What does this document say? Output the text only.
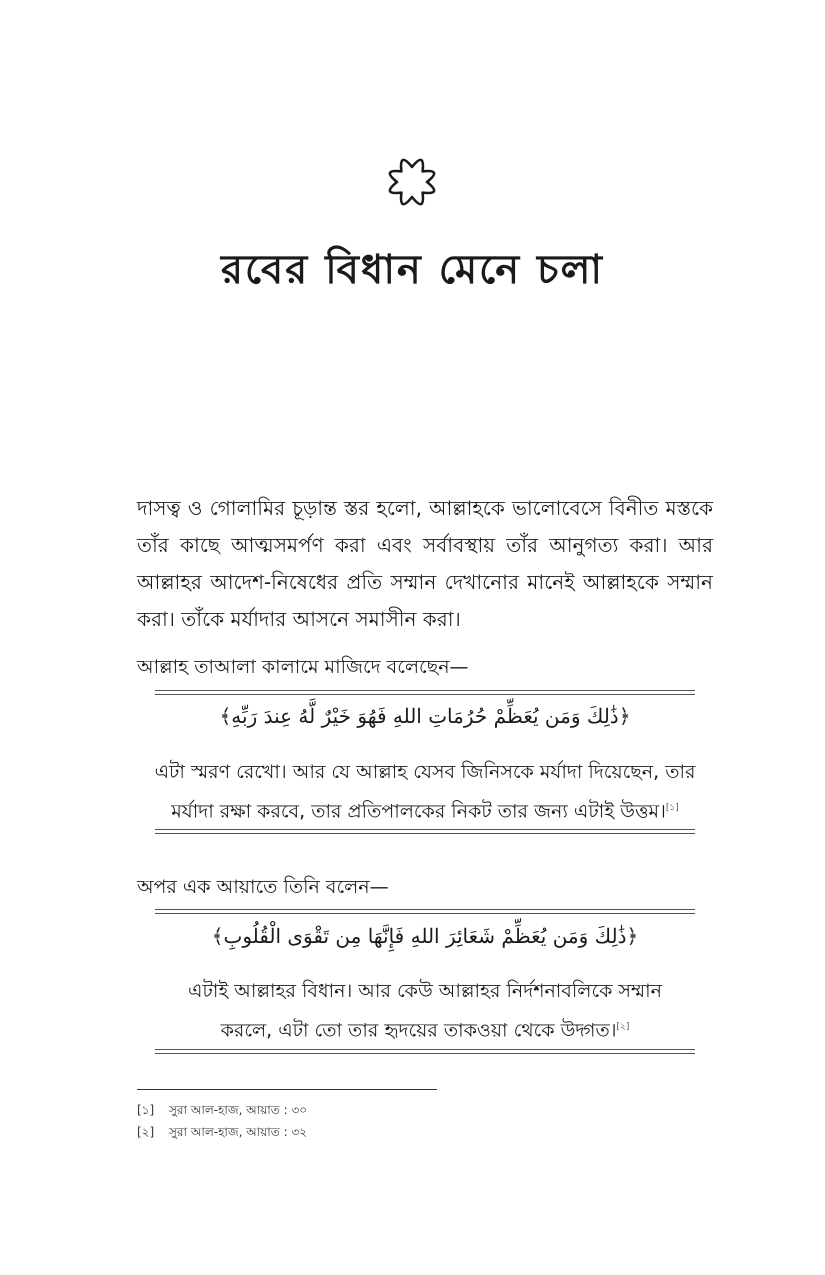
রবের বিধান মেনে চলা
দাসত্ব ও গোলামির চূড়ান্ত স্তর হলো, আল্লাহকে ভালোবেসে বিনীত মস্তকে তাঁর কাছে আত্মসমর্পণ করা এবং সর্বাবস্থায় তাঁর আনুগত্য করা। আর আল্লাহর আদেশ-নিষেধের প্রতি সম্মান দেখানোর মানেই আল্লাহকে সম্মান করা। তাঁকে মর্যাদার আসনে সমাসীন করা।
আল্লাহ তাআলা কালামে মাজিদে বলেছেন—
﴿ذَٰلِكَ وَمَن يُعَظِّمْ حُرُمَاتِ اللهِ فَهُوَ خَيْرٌ لَّهُ عِندَ رَبِّهِ﴾
এটা স্মরণ রেখো। আর যে আল্লাহ যেসব জিনিসকে মর্যাদা দিয়েছেন, তার
মর্যাদা রক্ষা করবে, তার প্রতিপালকের নিকট তার জন্য এটাই উত্তম।[১]
অপর এক আয়াতে তিনি বলেন—
﴿ذَٰلِكَ وَمَن يُعَظِّمْ شَعَائِرَ اللهِ فَإِنَّهَا مِن تَقْوَى الْقُلُوبِ﴾
এটাই আল্লাহর বিধান। আর কেউ আল্লাহর নির্দশনাবলিকে সম্মান
করলে, এটা তো তার হৃদয়ের তাকওয়া থেকে উদ্গত।[২]
[১] সুরা আল-হাজ, আয়াত : ৩০
[২] সুরা আল-হাজ, আয়াত : ৩২
